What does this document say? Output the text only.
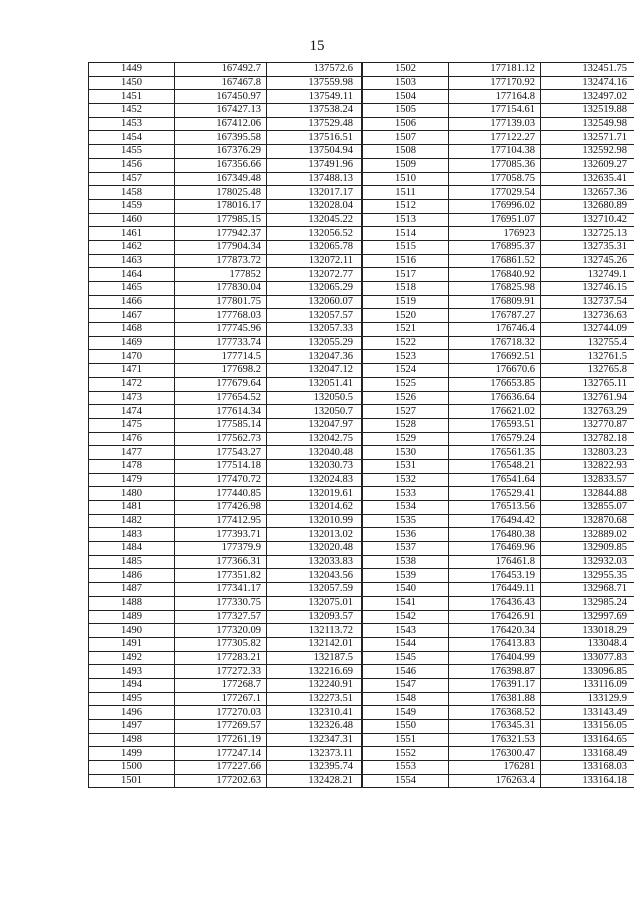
15
1449	167492.7	137572.6	1502	177181.12	132451.75
1450	167467.8	137559.98	1503	177170.92	132474.16
1451	167450.97	137549.11	1504	177164.8	132497.02
1452	167427.13	137538.24	1505	177154.61	132519.88
1453	167412.06	137529.48	1506	177139.03	132549.98
1454	167395.58	137516.51	1507	177122.27	132571.71
1455	167376.29	137504.94	1508	177104.38	132592.98
1456	167356.66	137491.96	1509	177085.36	132609.27
1457	167349.48	137488.13	1510	177058.75	132635.41
1458	178025.48	132017.17	1511	177029.54	132657.36
1459	178016.17	132028.04	1512	176996.02	132680.89
1460	177985.15	132045.22	1513	176951.07	132710.42
1461	177942.37	132056.52	1514	176923	132725.13
1462	177904.34	132065.78	1515	176895.37	132735.31
1463	177873.72	132072.11	1516	176861.52	132745.26
1464	177852	132072.77	1517	176840.92	132749.1
1465	177830.04	132065.29	1518	176825.98	132746.15
1466	177801.75	132060.07	1519	176809.91	132737.54
1467	177768.03	132057.57	1520	176787.27	132736.63
1468	177745.96	132057.33	1521	176746.4	132744.09
1469	177733.74	132055.29	1522	176718.32	132755.4
1470	177714.5	132047.36	1523	176692.51	132761.5
1471	177698.2	132047.12	1524	176670.6	132765.8
1472	177679.64	132051.41	1525	176653.85	132765.11
1473	177654.52	132050.5	1526	176636.64	132761.94
1474	177614.34	132050.7	1527	176621.02	132763.29
1475	177585.14	132047.97	1528	176593.51	132770.87
1476	177562.73	132042.75	1529	176579.24	132782.18
1477	177543.27	132040.48	1530	176561.35	132803.23
1478	177514.18	132030.73	1531	176548.21	132822.93
1479	177470.72	132024.83	1532	176541.64	132833.57
1480	177440.85	132019.61	1533	176529.41	132844.88
1481	177426.98	132014.62	1534	176513.56	132855.07
1482	177412.95	132010.99	1535	176494.42	132870.68
1483	177393.71	132013.02	1536	176480.38	132889.02
1484	177379.9	132020.48	1537	176469.96	132909.85
1485	177366.31	132033.83	1538	176461.8	132932.03
1486	177351.82	132043.56	1539	176453.19	132955.35
1487	177341.17	132057.59	1540	176449.11	132968.71
1488	177330.75	132075.01	1541	176436.43	132985.24
1489	177327.57	132093.57	1542	176426.91	132997.69
1490	177320.09	132113.72	1543	176420.34	133018.29
1491	177305.82	132142.01	1544	176413.83	133048.4
1492	177283.21	132187.5	1545	176404.99	133077.83
1493	177272.33	132216.69	1546	176398.87	133096.85
1494	177268.7	132240.91	1547	176391.17	133116.09
1495	177267.1	132273.51	1548	176381.88	133129.9
1496	177270.03	132310.41	1549	176368.52	133143.49
1497	177269.57	132326.48	1550	176345.31	133156.05
1498	177261.19	132347.31	1551	176321.53	133164.65
1499	177247.14	132373.11	1552	176300.47	133168.49
1500	177227.66	132395.74	1553	176281	133168.03
1501	177202.63	132428.21	1554	176263.4	133164.18
